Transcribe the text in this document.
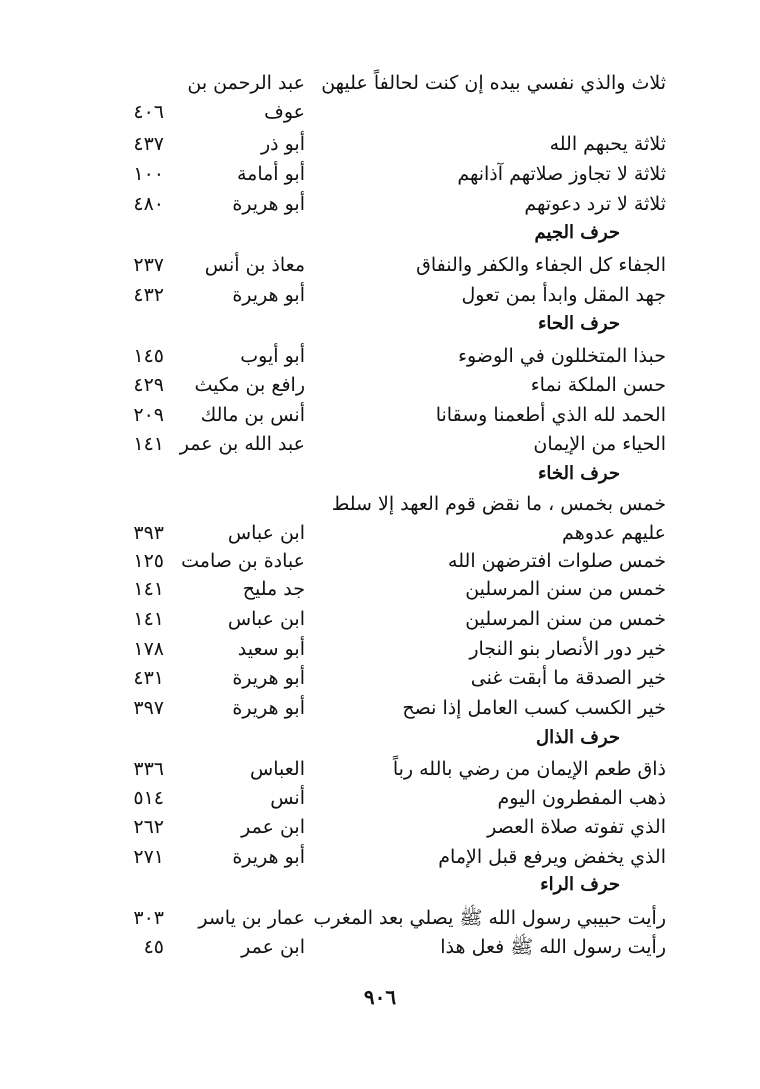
ثلاث والذي نفسي بيده إن كنت لحالفاً عليهن
عبد الرحمن بن
عوف
٤٠٦
ثلاثة يحبهم الله
أبو ذر
٤٣٧
ثلاثة لا تجاوز صلاتهم آذانهم
أبو أمامة
١٠٠
ثلاثة لا ترد دعوتهم
أبو هريرة
٤٨٠
حرف الجيم
الجفاء كل الجفاء والكفر والنفاق
معاذ بن أنس
٢٣٧
جهد المقل وابدأ بمن تعول
أبو هريرة
٤٣٢
حرف الحاء
حبذا المتخللون في الوضوء
أبو أيوب
١٤٥
حسن الملكة نماء
رافع بن مكيث
٤٢٩
الحمد لله الذي أطعمنا وسقانا
أنس بن مالك
٢٠٩
الحياء من الإيمان
عبد الله بن عمر
١٤١
حرف الخاء
خمس بخمس ، ما نقض قوم العهد إلا سلط
عليهم عدوهم
ابن عباس
٣٩٣
خمس صلوات افترضهن الله
عبادة بن صامت
١٢٥
خمس من سنن المرسلين
جد مليح
١٤١
خمس من سنن المرسلين
ابن عباس
١٤١
خير دور الأنصار بنو النجار
أبو سعيد
١٧٨
خير الصدقة ما أبقت غنى
أبو هريرة
٤٣١
خير الكسب كسب العامل إذا نصح
أبو هريرة
٣٩٧
حرف الذال
ذاق طعم الإيمان من رضي بالله رباً
العباس
٣٣٦
ذهب المفطرون اليوم
أنس
٥١٤
الذي تفوته صلاة العصر
ابن عمر
٢٦٢
الذي يخفض ويرفع قبل الإمام
أبو هريرة
٢٧١
حرف الراء
رأيت حبيبي رسول الله ﷺ يصلي بعد المغرب
عمار بن ياسر
٣٠٣
رأيت رسول الله ﷺ فعل هذا
ابن عمر
٤٥
٩٠٦
